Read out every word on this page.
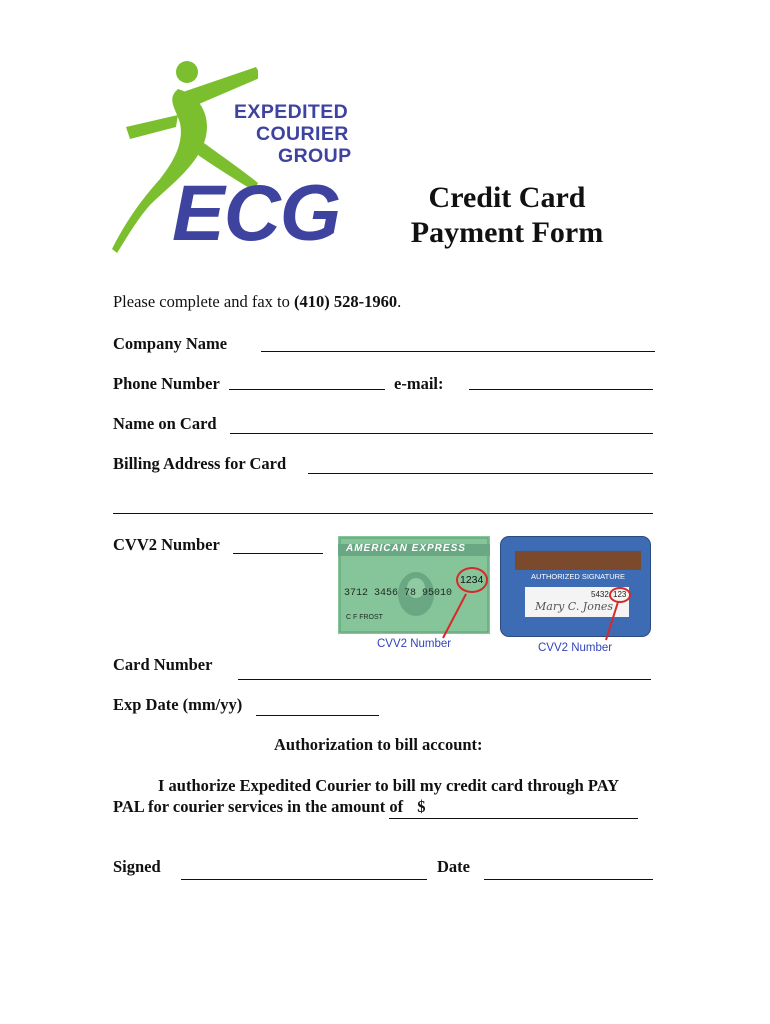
EXPEDITED
COURIER
GROUP
ECG	Credit Card
Payment Form
Please complete and fax to (410) 528-1960.
Company Name
Phone Number	e-mail:
Name on Card
Billing Address for Card
CVV2 Number	AMERICAN EXPRESS
3712 3456 78 95010
C F FROST
1234
CVV2 Number
AUTHORIZED SIGNATURE
5432 123
Mary C. Jones
CVV2 Number
Card Number
Exp Date (mm/yy)
Authorization to bill account:
I authorize Expedited Courier to bill my credit card through PAY
PAL for courier services in the amount of $
Signed	Date
